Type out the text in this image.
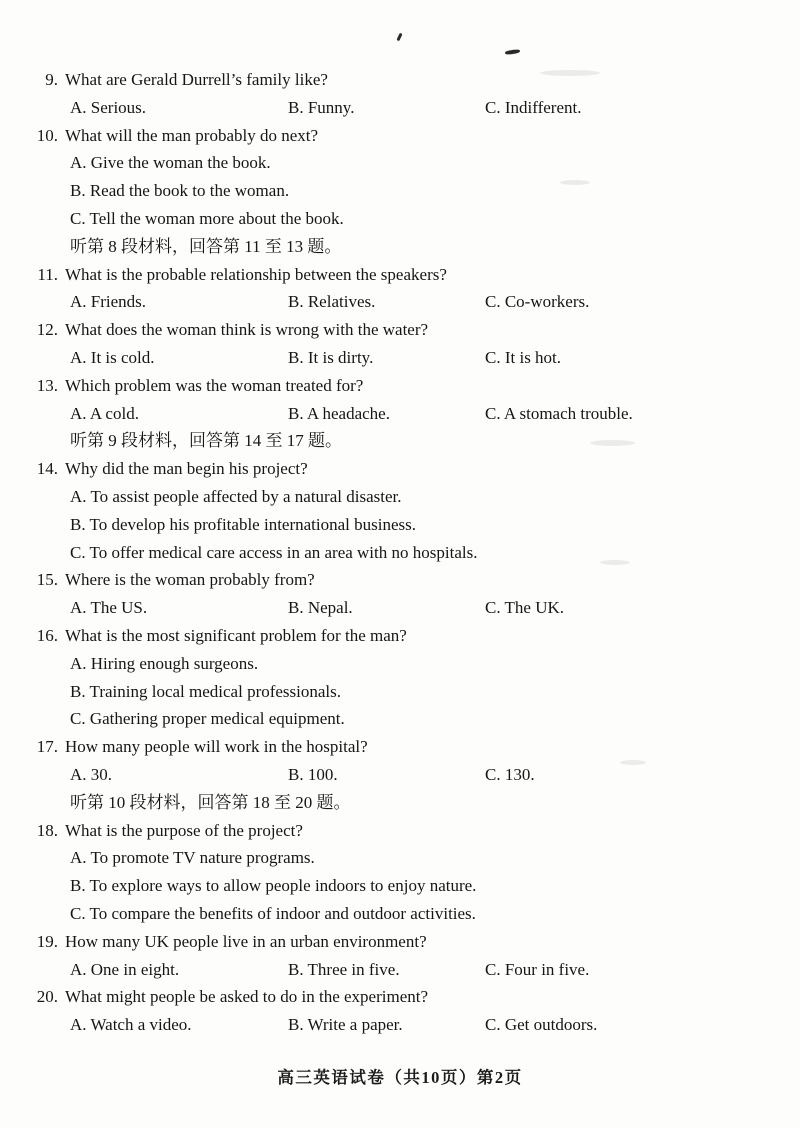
9. What are Gerald Durrell’s family like?
A. Serious.	B. Funny.	C. Indifferent.
10. What will the man probably do next?
A. Give the woman the book.
B. Read the book to the woman.
C. Tell the woman more about the book.
听第 8 段材料，回答第 11 至 13 题。
11. What is the probable relationship between the speakers?
A. Friends.	B. Relatives.	C. Co-workers.
12. What does the woman think is wrong with the water?
A. It is cold.	B. It is dirty.	C. It is hot.
13. Which problem was the woman treated for?
A. A cold.	B. A headache.	C. A stomach trouble.
听第 9 段材料，回答第 14 至 17 题。
14. Why did the man begin his project?
A. To assist people affected by a natural disaster.
B. To develop his profitable international business.
C. To offer medical care access in an area with no hospitals.
15. Where is the woman probably from?
A. The US.	B. Nepal.	C. The UK.
16. What is the most significant problem for the man?
A. Hiring enough surgeons.
B. Training local medical professionals.
C. Gathering proper medical equipment.
17. How many people will work in the hospital?
A. 30.	B. 100.	C. 130.
听第 10 段材料，回答第 18 至 20 题。
18. What is the purpose of the project?
A. To promote TV nature programs.
B. To explore ways to allow people indoors to enjoy nature.
C. To compare the benefits of indoor and outdoor activities.
19. How many UK people live in an urban environment?
A. One in eight.	B. Three in five.	C. Four in five.
20. What might people be asked to do in the experiment?
A. Watch a video.	B. Write a paper.	C. Get outdoors.
高三英语试卷（共10页）第2页
